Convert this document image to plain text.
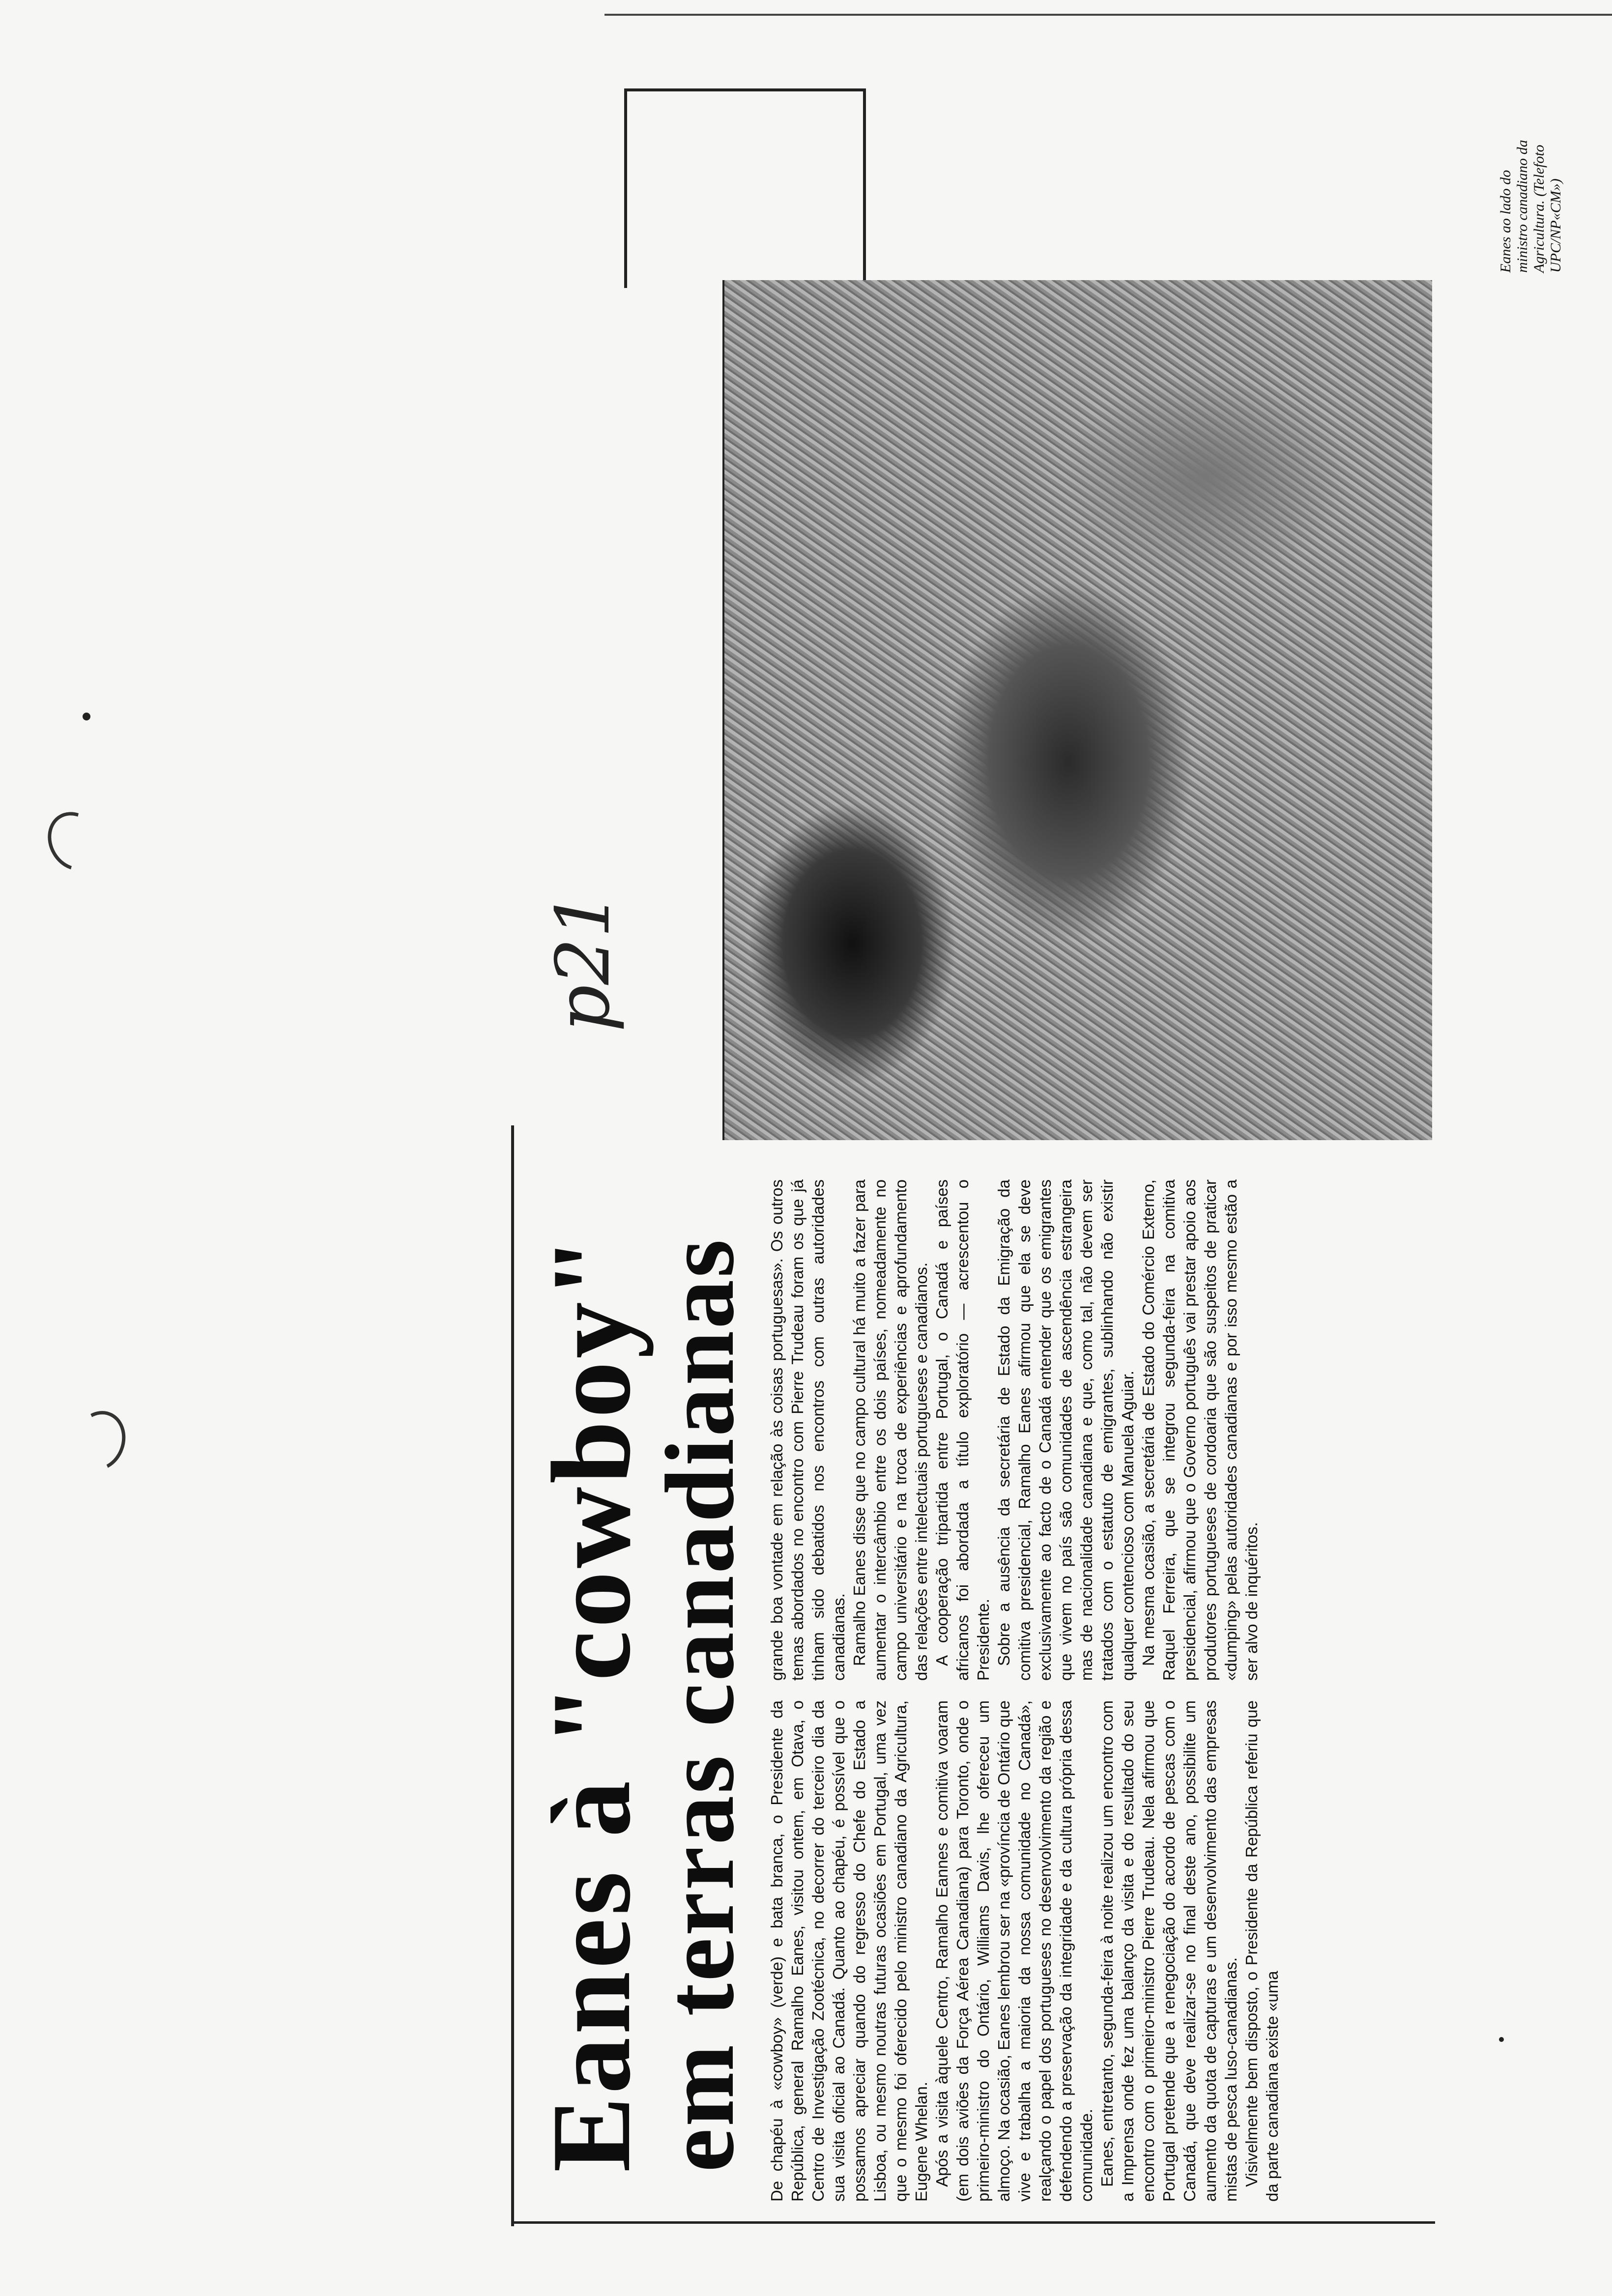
Eanes ao lado do ministro canadiano da Agricultura. (Telefoto UPC/NP«CM»)

Eanes à "cowboy"
em terras canadianas
p21

De chapéu à «cowboy» (verde) e bata branca, o Presidente da República, general Ramalho Eanes, visitou ontem, em Otava, o Centro de Investigação Zootécnica, no decorrer do terceiro dia da sua visita oficial ao Canadá. Quanto ao chapéu, é possível que o possamos apreciar quando do regresso do Chefe do Estado a Lisboa, ou mesmo noutras futuras ocasiões em Portugal, uma vez que o mesmo foi oferecido pelo ministro canadiano da Agricultura, Eugene Whelan. Após a visita àquele Centro, Ramalho Eannes e comitiva voaram (em dois aviões da Força Aérea Canadiana) para Toronto, onde o primeiro-ministro do Ontário, Williams Davis, lhe ofereceu um almoço. Na ocasião, Eanes lembrou ser na «província de Ontário que vive e trabalha a maioria da nossa comunidade no Canadá», realçando o papel dos portugueses no desenvolvimento da região e defendendo a preservação da integridade e da cultura própria dessa comunidade. Eanes, entretanto, segunda-feira à noite realizou um encontro com a Imprensa onde fez uma balanço da visita e do resultado do seu encontro com o primeiro-ministro Pierre Trudeau. Nela afirmou que Portugal pretende que a renegociação do acordo de pescas com o Canadá, que deve realizar-se no final deste ano, possibilite um aumento da quota de capturas e um desenvolvimento das empresas mistas de pesca luso-canadianas. Visivelmente bem disposto, o Presidente da República referiu que da parte canadiana existe «uma

grande boa vontade em relação às coisas portuguesas». Os outros temas abordados no encontro com Pierre Trudeau foram os que já tinham sido debatidos nos encontros com outras autoridades canadianas. Ramalho Eanes disse que no campo cultural há muito a fazer para aumentar o intercâmbio entre os dois países, nomeadamente no campo universitário e na troca de experiências e aprofundamento das relações entre intelectuais portugueses e canadianos. A cooperação tripartida entre Portugal, o Canadá e países africanos foi abordada a título exploratório — acrescentou o Presidente. Sobre a ausência da secretária de Estado da Emigração da comitiva presidencial, Ramalho Eanes afirmou que ela se deve exclusivamente ao facto de o Canadá entender que os emigrantes que vivem no país são comunidades de ascendência estrangeira mas de nacionalidade canadiana e que, como tal, não devem ser tratados com o estatuto de emigrantes, sublinhando não existir qualquer contencioso com Manuela Aguiar. Na mesma ocasião, a secretária de Estado do Comércio Externo, Raquel Ferreira, que se integrou segunda-feira na comitiva presidencial, afirmou que o Governo português vai prestar apoio aos produtores portugueses de cordoaria que são suspeitos de praticar «dumping» pelas autoridades canadianas e por isso mesmo estão a ser alvo de inquéritos.
